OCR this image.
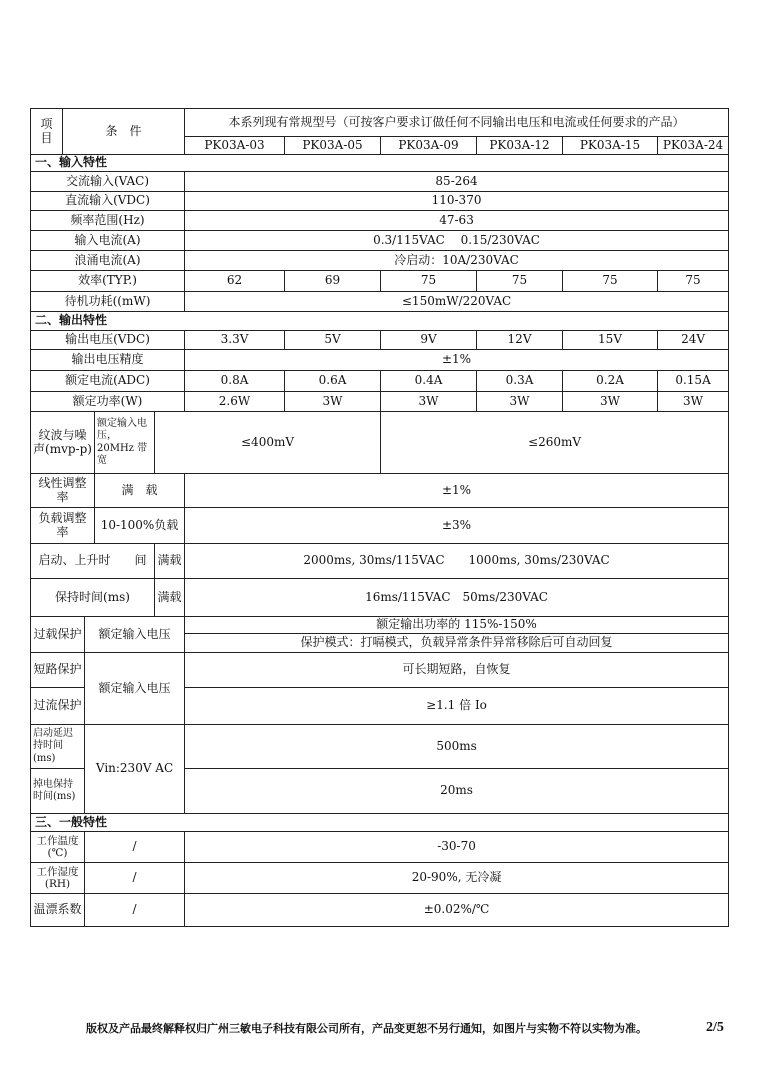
项 目	条　件				本系列现有常规型号（可按客户要求订做任何不同输出电压和电流或任何要求的产品）					
					PK03A-03	PK03A-05	PK03A-09	PK03A-12	PK03A-15	PK03A-24
一、输入特性										
交流输入(VAC)					85-264					
直流输入(VDC)					110-370					
频率范围(Hz)					47-63					
输入电流(A)					0.3/115VAC　 0.15/230VAC					
浪涌电流(A)					冷启动：10A/230VAC					
效率(TYP.)					62	69	75	75	75	75
待机功耗((mW)					≤150mW/220VAC					
二、输出特性										
输出电压(VDC)					3.3V	5V	9V	12V	15V	24V
输出电压精度					±1%					
额定电流(ADC)					0.8A	0.6A	0.4A	0.3A	0.2A	0.15A
额定功率(W)					2.6W	3W	3W	3W	3W	3W
纹波与噪声(mvp-p)			额定输入电压，20MHz 带宽	≤400mV			≤260mV			
线性调整　率			满　载		±1%					
负载调整　率			10-100%负载		±3%					
启动、上升时　　间				满载	2000ms, 30ms/115VAC　　1000ms, 30ms/230VAC					
保持时间(ms)				满载	16ms/115VAC　50ms/230VAC					
过载保护		额定输入电压			额定输出功率的 115%-150%					
					保护模式：打嗝模式，负载异常条件异常移除后可自动回复					
短路保护		额定输入电压			可长期短路，自恢复					
过流保护					≥1.1 倍 Io					
启动延迟持时间(ms)		Vin:230V AC			500ms					
掉电保持时间(ms)					20ms					
三、一般特性										
工作温度(℃)		/			-30-70					
工作湿度(RH)		/			20-90%, 无冷凝					
温漂系数		/			±0.02%/℃					
版权及产品最终解释权归广州三敏电子科技有限公司所有，产品变更恕不另行通知，如图片与实物不符以实物为准。	2/5
